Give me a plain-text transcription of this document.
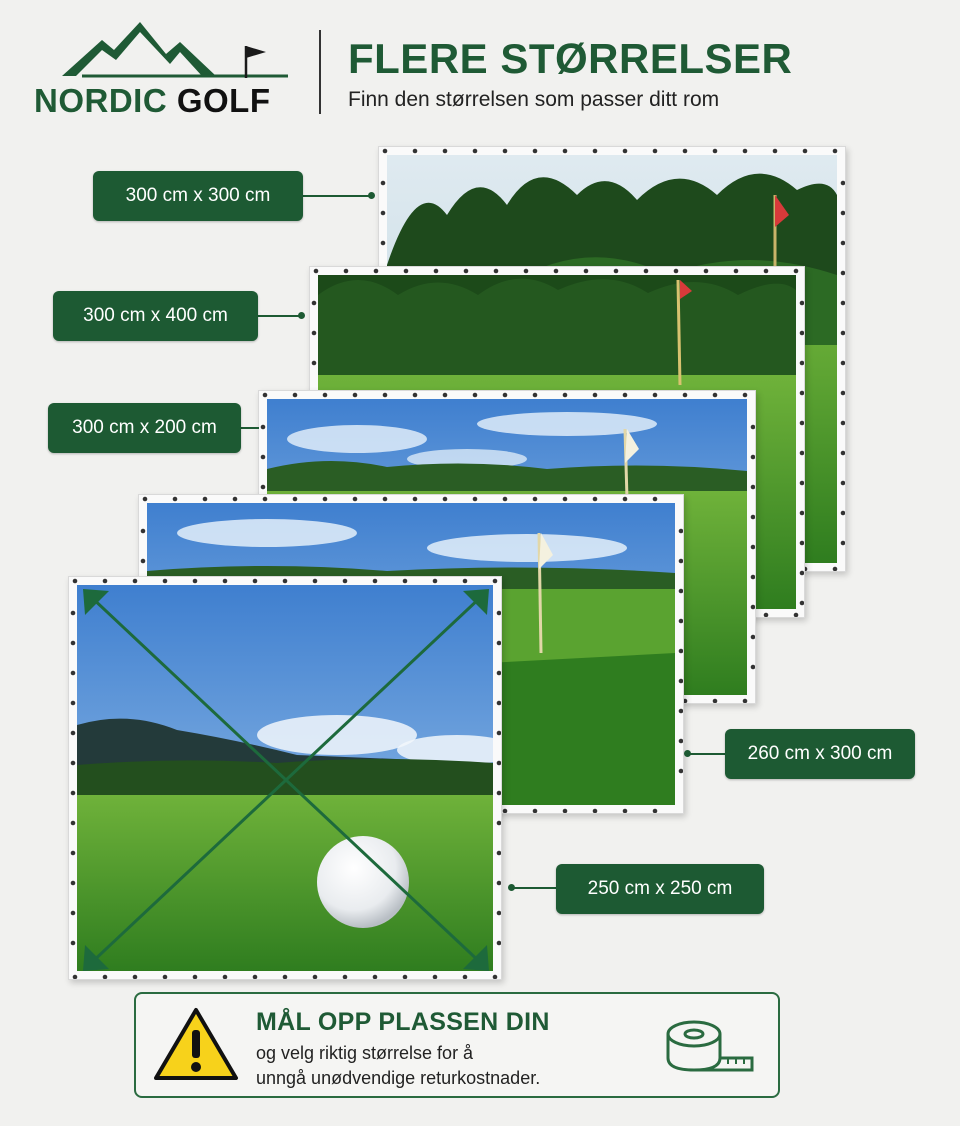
NORDIC GOLF
FLERE STØRRELSER
Finn den størrelsen som passer ditt rom
300 cm x 300 cm
300 cm x 400 cm
300 cm x 200 cm
260 cm x 300 cm
250 cm x 250 cm
MÅL OPP PLASSEN DIN
og velg riktig størrelse for å
unngå unødvendige returkostnader.
